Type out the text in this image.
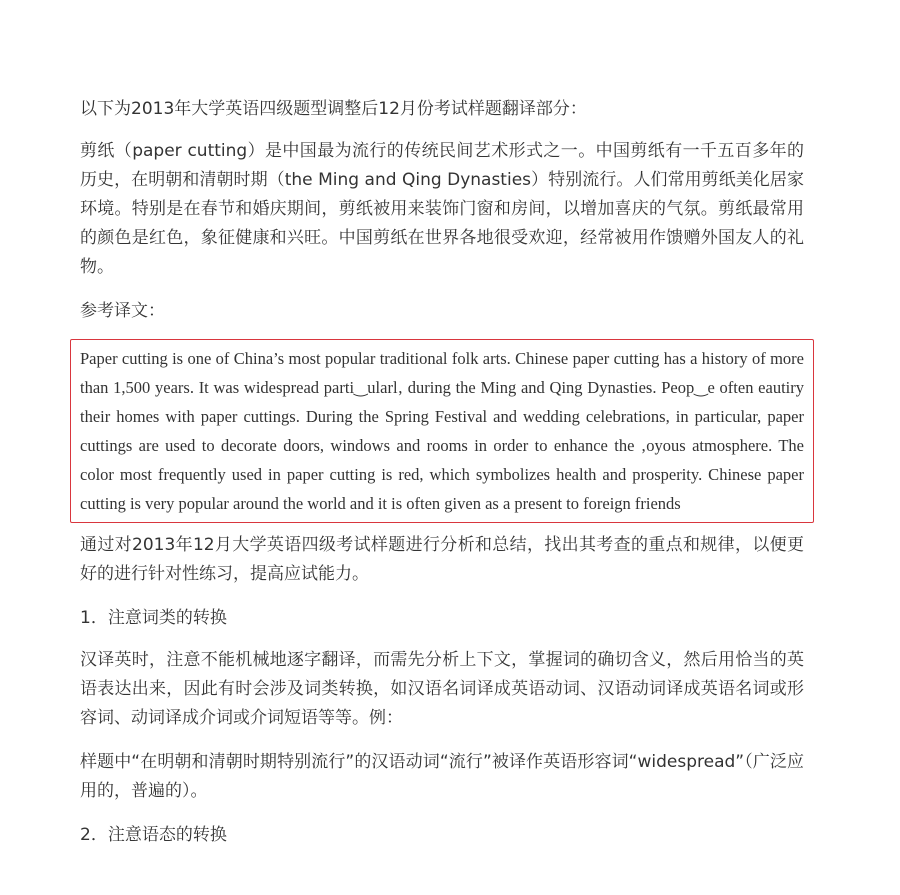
以下为2013年大学英语四级题型调整后12月份考试样题翻译部分：

剪纸（paper cutting）是中国最为流行的传统民间艺术形式之一。中国剪纸有一千五百多年的历史，在明朝和清朝时期（the Ming and Qing Dynasties）特别流行。人们常用剪纸美化居家环境。特别是在春节和婚庆期间，剪纸被用来装饰门窗和房间，以增加喜庆的气氛。剪纸最常用的颜色是红色，象征健康和兴旺。中国剪纸在世界各地很受欢迎，经常被用作馈赠外国友人的礼物。

参考译文：

Paper cutting is one of China’s most popular traditional folk arts. Chinese paper cutting has a history of more than 1,500 years. It was widespread parti‿ularl‚ during the Ming and Qing Dynasties. Peop‿e often eautiry their homes with paper cuttings. During the Spring Festival and wedding celebrations, in particular, paper cuttings are used to decorate doors, windows and rooms in order to enhance the ‚oyous atmosphere. The color most frequently used in paper cutting is red, which symbolizes health and prosperity. Chinese paper cutting is very popular around the world and it is often given as a present to foreign friends

通过对2013年12月大学英语四级考试样题进行分析和总结，找出其考查的重点和规律，以便更好的进行针对性练习，提高应试能力。

1．注意词类的转换

汉译英时，注意不能机械地逐字翻译，而需先分析上下文，掌握词的确切含义，然后用恰当的英语表达出来，因此有时会涉及词类转换，如汉语名词译成英语动词、汉语动词译成英语名词或形容词、动词译成介词或介词短语等等。例：

样题中“在明朝和清朝时期特别流行”的汉语动词“流行”被译作英语形容词“widespread”（广泛应用的，普遍的）。

2．注意语态的转换
